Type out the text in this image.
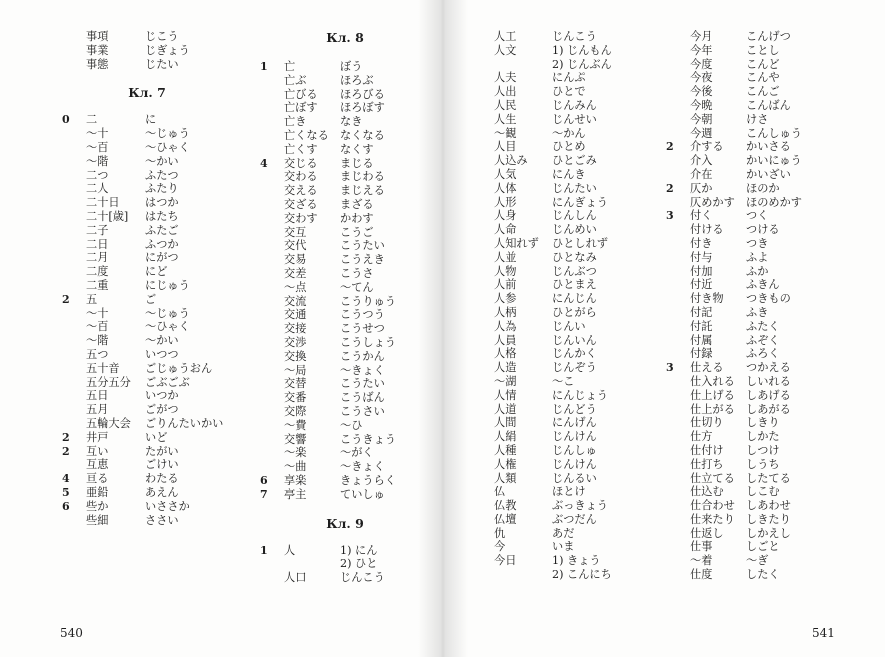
事項	じこう
事業	じぎょう
事態	じたい
Кл. 7
0 二	に
〜十	〜じゅう
〜百	〜ひゃく
〜階	〜かい
二つ	ふたつ
二人	ふたり
二十日 はつか
二十[歳] はたち
二子	ふたご
二日	ふつか
二月	にがつ
二度	にど
二重	にじゅう
2 五	ご
〜十	〜じゅう
〜百	〜ひゃく
〜階	〜かい
五つ	いつつ
五十音 ごじゅうおん
五分五分 ごぶごぶ
五日	いつか
五月	ごがつ
五輪大会 ごりんたいかい
2 井戸	いど
2 互い	たがい
互恵	ごけい
4 亘る	わたる
5 亜鉛	あえん
6 些か	いささか
些細	ささい
Кл. 8
1 亡	ぼう
亡ぶ	ほろぶ
亡びる ほろびる
亡ぼす ほろぼす
亡き	なき
亡くなる なくなる
亡くす なくす
4 交じる まじる
交わる まじわる
交える まじえる
交ざる まざる
交わす かわす
交互	こうご
交代	こうたい
交易	こうえき
交差	こうさ
〜点	〜てん
交流	こうりゅう
交通	こうつう
交接	こうせつ
交渉	こうしょう
交換	こうかん
〜局	〜きょく
交替	こうたい
交番	こうばん
交際	こうさい
〜費	〜ひ
交響	こうきょう
〜楽	〜がく
〜曲	〜きょく
6 享楽	きょうらく
7 亭主	ていしゅ
Кл. 9
1 人	1) にん
2) ひと
人口	じんこう
人工	じんこう
人文	1) じんもん
2) じんぶん
人夫	にんぷ
人出	ひとで
人民	じんみん
人生	じんせい
〜観	〜かん
人目	ひとめ
人込み ひとごみ
人気	にんき
人体	じんたい
人形	にんぎょう
人身	じんしん
人命	じんめい
人知れず ひとしれず
人並	ひとなみ
人物	じんぶつ
人前	ひとまえ
人参	にんじん
人柄	ひとがら
人為	じんい
人員	じんいん
人格	じんかく
人造	じんぞう
〜湖	〜こ
人情	にんじょう
人道	じんどう
人間	にんげん
人絹	じんけん
人種	じんしゅ
人権	じんけん
人類	じんるい
仏	ほとけ
仏教	ぶっきょう
仏壇	ぶつだん
仇	あだ
今	いま
今日	1) きょう
2) こんにち
今月	こんげつ
今年	ことし
今度	こんど
今夜	こんや
今後	こんご
今晩	こんばん
今朝	けさ
今週	こんしゅう
2 介する かいさる
介入	かいにゅう
介在	かいざい
2 仄か	ほのか
仄めかす ほのめかす
3 付く	つく
付ける つける
付き	つき
付与	ふよ
付加	ふか
付近	ふきん
付き物 つきもの
付記	ふき
付託	ふたく
付属	ふぞく
付録	ふろく
3 仕える つかえる
仕入れる しいれる
仕上げる しあげる
仕上がる しあがる
仕切り しきり
仕方	しかた
仕付け しつけ
仕打ち しうち
仕立てる したてる
仕込む しこむ
仕合わせ しあわせ
仕来たり しきたり
仕返し しかえし
仕事	しごと
〜着	〜ぎ
仕度	したく
540	541
